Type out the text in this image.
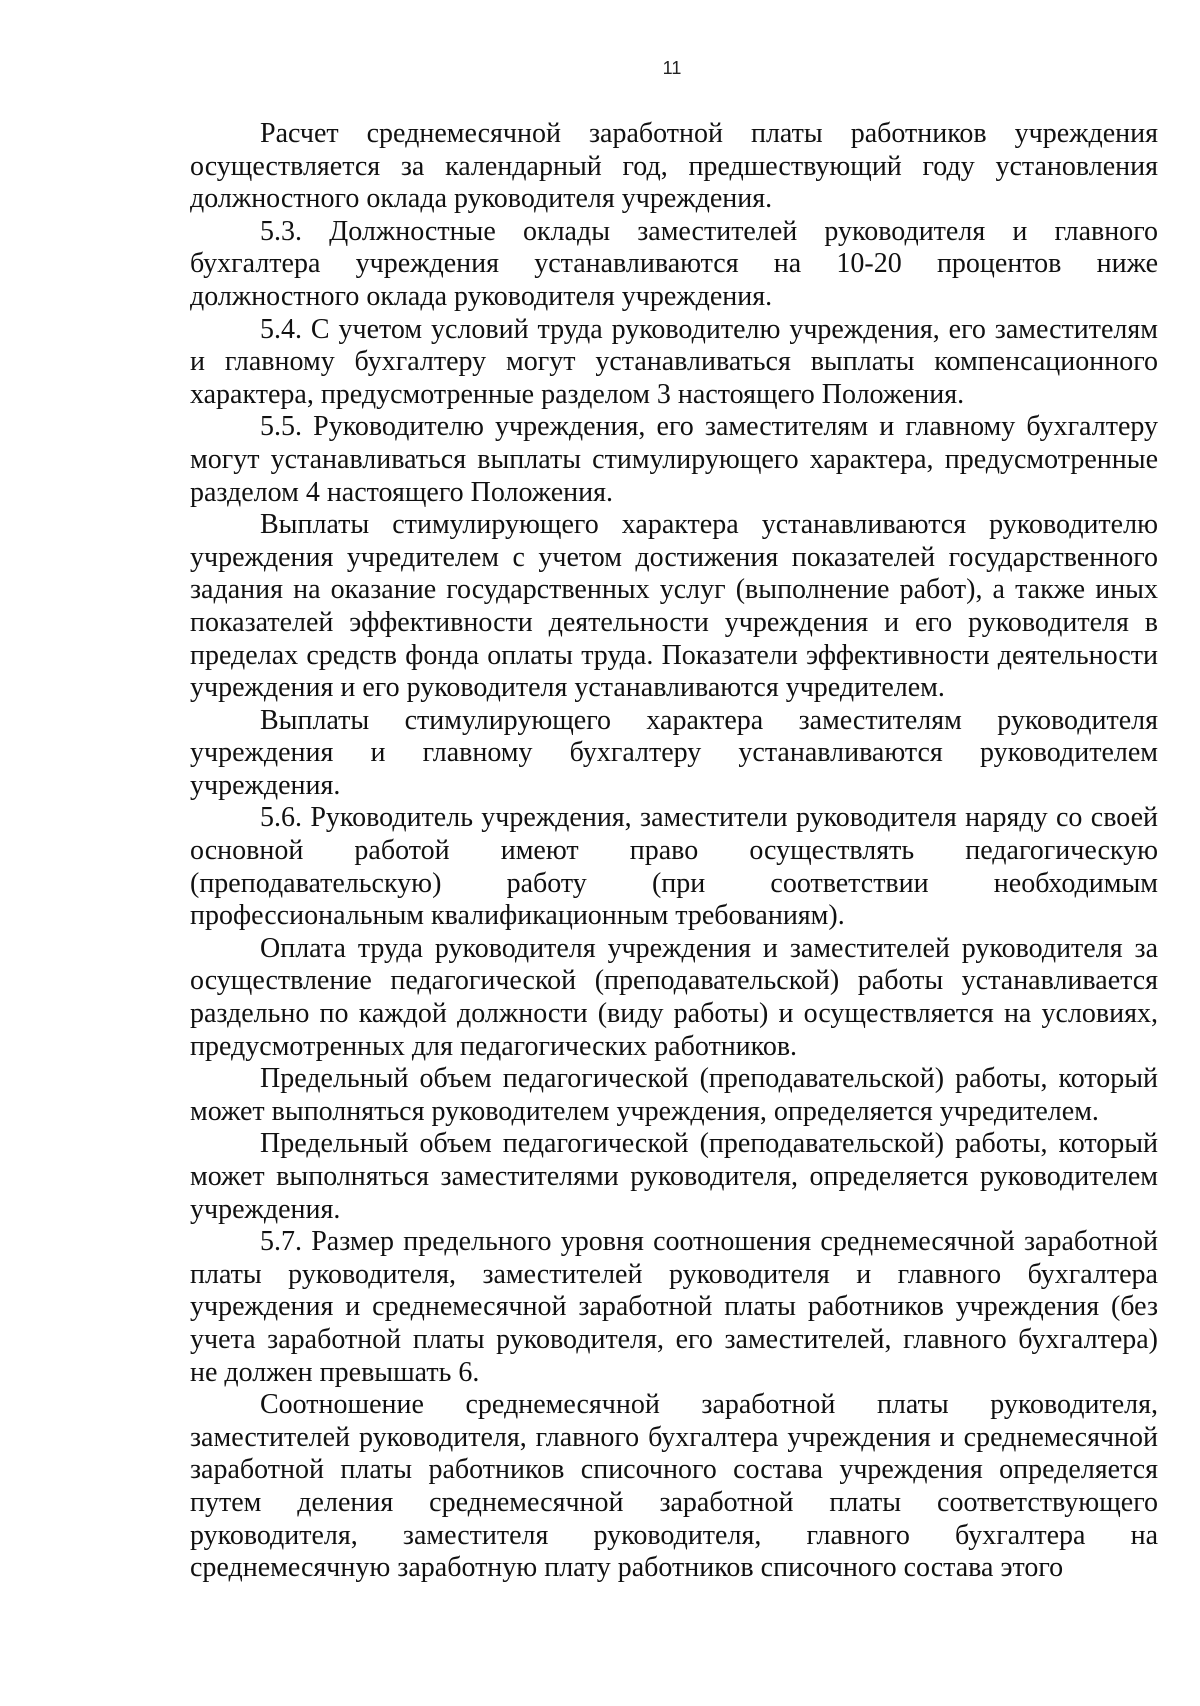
11

Расчет среднемесячной заработной платы работников учреждения осуществляется за календарный год, предшествующий году установления должностного оклада руководителя учреждения.

5.3. Должностные оклады заместителей руководителя и главного бухгалтера учреждения устанавливаются на 10-20 процентов ниже должностного оклада руководителя учреждения.

5.4. С учетом условий труда руководителю учреждения, его заместителям и главному бухгалтеру могут устанавливаться выплаты компенсационного характера, предусмотренные разделом 3 настоящего Положения.

5.5. Руководителю учреждения, его заместителям и главному бухгалтеру могут устанавливаться выплаты стимулирующего характера, предусмотренные разделом 4 настоящего Положения.

Выплаты стимулирующего характера устанавливаются руководителю учреждения учредителем с учетом достижения показателей государственного задания на оказание государственных услуг (выполнение работ), а также иных показателей эффективности деятельности учреждения и его руководителя в пределах средств фонда оплаты труда. Показатели эффективности деятельности учреждения и его руководителя устанавливаются учредителем.

Выплаты стимулирующего характера заместителям руководителя учреждения и главному бухгалтеру устанавливаются руководителем учреждения.

5.6. Руководитель учреждения, заместители руководителя наряду со своей основной работой имеют право осуществлять педагогическую (преподавательскую) работу (при соответствии необходимым профессиональным квалификационным требованиям).

Оплата труда руководителя учреждения и заместителей руководителя за осуществление педагогической (преподавательской) работы устанавливается раздельно по каждой должности (виду работы) и осуществляется на условиях, предусмотренных для педагогических работников.

Предельный объем педагогической (преподавательской) работы, который может выполняться руководителем учреждения, определяется учредителем.

Предельный объем педагогической (преподавательской) работы, который может выполняться заместителями руководителя, определяется руководителем учреждения.

5.7. Размер предельного уровня соотношения среднемесячной заработной платы руководителя, заместителей руководителя и главного бухгалтера учреждения и среднемесячной заработной платы работников учреждения (без учета заработной платы руководителя, его заместителей, главного бухгалтера) не должен превышать 6.

Соотношение среднемесячной заработной платы руководителя, заместителей руководителя, главного бухгалтера учреждения и среднемесячной заработной платы работников списочного состава учреждения определяется путем деления среднемесячной заработной платы соответствующего руководителя, заместителя руководителя, главного бухгалтера на среднемесячную заработную плату работников списочного состава этого
